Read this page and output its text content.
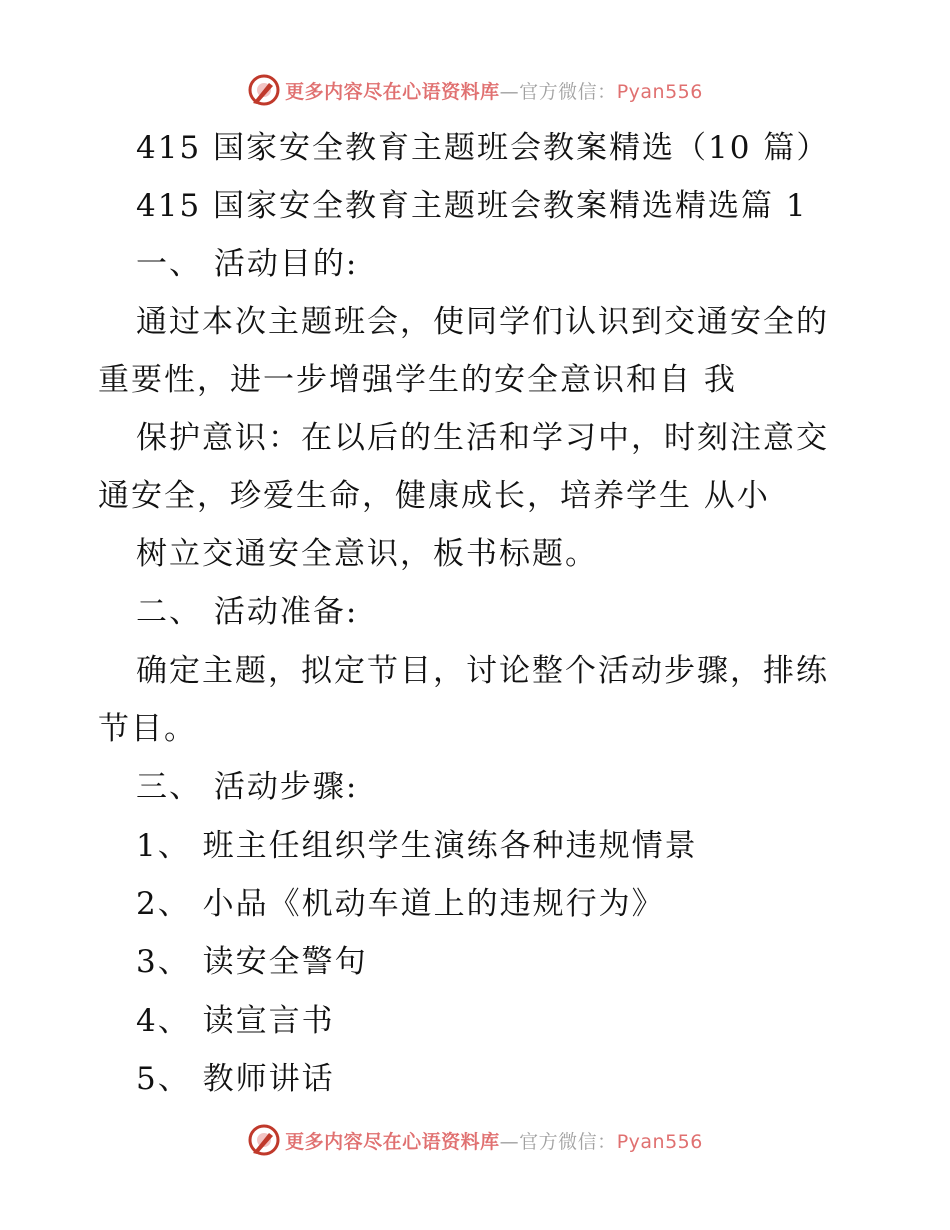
更多内容尽在心语资料库—官方微信：Pyan556
415 国家安全教育主题班会教案精选（10 篇）
415 国家安全教育主题班会教案精选精选篇 1
一、 活动目的:
通过本次主题班会，使同学们认识到交通安全的
重要性，进一步增强学生的安全意识和自 我
保护意识：在以后的生活和学习中，时刻注意交
通安全，珍爱生命，健康成长，培养学生 从小
树立交通安全意识，板书标题。
二、 活动准备:
确定主题，拟定节目，讨论整个活动步骤，排练
节目。
三、 活动步骤:
1、 班主任组织学生演练各种违规情景
2、 小品《机动车道上的违规行为》
3、 读安全警句
4、 读宣言书
5、 教师讲话
更多内容尽在心语资料库—官方微信：Pyan556
